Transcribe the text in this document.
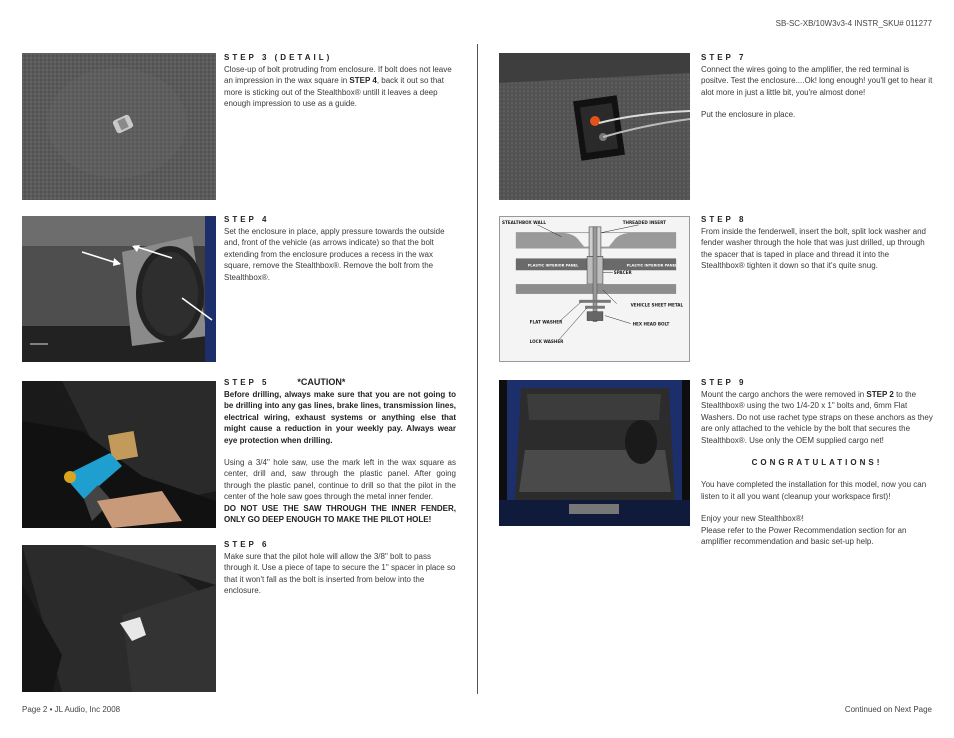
SB-SC-XB/10W3v3-4 INSTR_SKU# 011277
STEP 3 (DETAIL)
Close-up of bolt protruding from enclosure. If bolt does not leave an impression in the wax square in STEP 4, back it out so that more is sticking out of the Stealthbox® untill it leaves a deep enough impression to use as a guide.
STEP 4
Set the enclosure in place, apply pressure towards the outside and, front of the vehicle (as arrows indicate) so that the bolt extending from the enclosure produces a recess in the wax square, remove the Stealthbox®. Remove the bolt from the Stealthbox®.
STEP 5	*CAUTION*
Before drilling, always make sure that you are not going to be drilling into any gas lines, brake lines, transmission lines, electrical wiring, exhaust systems or anything else that might cause a reduction in your weekly pay. Always wear eye protection when drilling.
Using a 3/4" hole saw, use the mark left in the wax square as center, drill and, saw through the plastic panel. After going through the plastic panel, continue to drill so that the pilot in the center of the hole saw goes through the metal inner fender.
DO NOT USE THE SAW THROUGH THE INNER FENDER, ONLY GO DEEP ENOUGH TO MAKE THE PILOT HOLE!
STEP 6
Make sure that the pilot hole will allow the 3/8" bolt to pass through it. Use a piece of tape to secure the 1" spacer in place so that it won't fall as the bolt is inserted from below into the enclosure.
STEP 7
Connect the wires going to the amplifier, the red terminal is positve. Test the enclosure....Ok! long enough! you'll get to hear it alot more in just a little bit, you're almost done!
Put the enclosure in place.
STEALTHBOX WALL	THREADED INSERT
PLASTIC INTERIOR PANEL	PLASTIC INTERIOR PANEL
SPACER
VEHICLE SHEET METAL
FLAT WASHER	HEX HEAD BOLT
LOCK WASHER
STEP 8
From inside the fenderwell, insert the bolt, split lock washer and fender washer through the hole that was just drilled, up through the spacer that is taped in place and thread it into the Stealthbox® tighten it down so that it's quite snug.
STEP 9
Mount the cargo anchors the were removed in STEP 2 to the Stealthbox® using the two 1/4-20 x 1" bolts and, 6mm Flat Washers. Do not use rachet type straps on these anchors as they are only attached to the vehicle by the bolt that secures the Stealthbox®. Use only the OEM supplied cargo net!
CONGRATULATIONS!
You have completed the installation for this model, now you can listen to it all you want (cleanup your workspace first)!
Enjoy your new Stealthbox®!
Please refer to the Power Recommendation section for an amplifier recommendation and basic set-up help.
Page 2 • JL Audio, Inc 2008	Continued on Next Page
